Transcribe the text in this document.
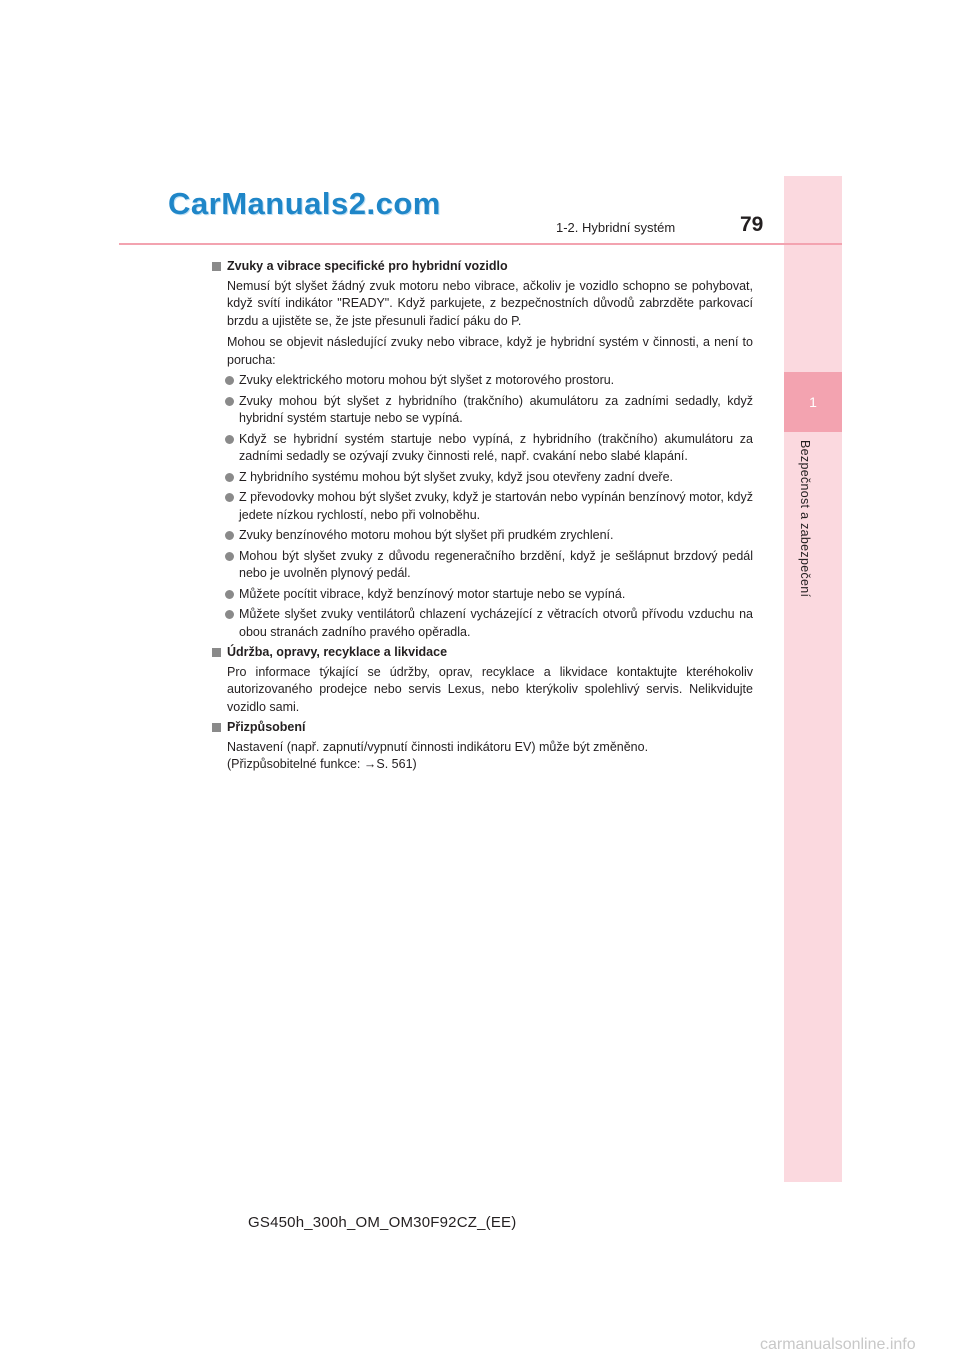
1
Bezpečnost a zabezpečení
CarManuals2.com
1-2. Hybridní systém	79
Zvuky a vibrace specifické pro hybridní vozidlo
Nemusí být slyšet žádný zvuk motoru nebo vibrace, ačkoliv je vozidlo schopno se pohybovat, když svítí indikátor "READY". Když parkujete, z bezpečnostních důvodů zabrzděte parkovací brzdu a ujistěte se, že jste přesunuli řadicí páku do P.
Mohou se objevit následující zvuky nebo vibrace, když je hybridní systém v činnosti, a není to porucha:
Zvuky elektrického motoru mohou být slyšet z motorového prostoru.
Zvuky mohou být slyšet z hybridního (trakčního) akumulátoru za zadními sedadly, když hybridní systém startuje nebo se vypíná.
Když se hybridní systém startuje nebo vypíná, z hybridního (trakčního) akumulátoru za zadními sedadly se ozývají zvuky činnosti relé, např. cvakání nebo slabé klapání.
Z hybridního systému mohou být slyšet zvuky, když jsou otevřeny zadní dveře.
Z převodovky mohou být slyšet zvuky, když je startován nebo vypínán benzínový motor, když jedete nízkou rychlostí, nebo při volnoběhu.
Zvuky benzínového motoru mohou být slyšet při prudkém zrychlení.
Mohou být slyšet zvuky z důvodu regeneračního brzdění, když je sešlápnut brzdový pedál nebo je uvolněn plynový pedál.
Můžete pocítit vibrace, když benzínový motor startuje nebo se vypíná.
Můžete slyšet zvuky ventilátorů chlazení vycházející z větracích otvorů přívodu vzduchu na obou stranách zadního pravého opěradla.
Údržba, opravy, recyklace a likvidace
Pro informace týkající se údržby, oprav, recyklace a likvidace kontaktujte kteréhokoliv autorizovaného prodejce nebo servis Lexus, nebo kterýkoliv spolehlivý servis. Nelikvidujte vozidlo sami.
Přizpůsobení
Nastavení (např. zapnutí/vypnutí činnosti indikátoru EV) může být změněno.
(Přizpůsobitelné funkce: →S. 561)
GS450h_300h_OM_OM30F92CZ_(EE)
carmanualsonline.info
